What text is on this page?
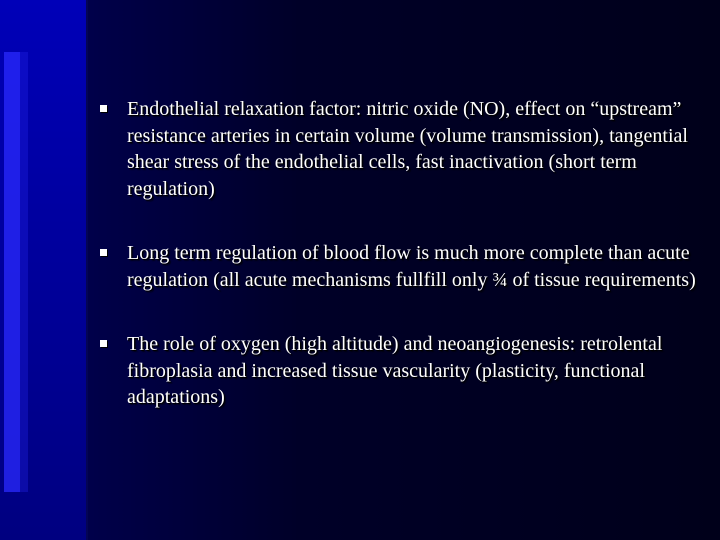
Endothelial relaxation factor: nitric oxide (NO), effect on “upstream” resistance arteries in certain volume (volume transmission), tangential shear stress of the endothelial cells, fast inactivation (short term regulation)
Long term regulation of blood flow is much more complete than acute regulation (all acute mechanisms fullfill only ¾ of tissue requirements)
The role of oxygen (high altitude) and neoangiogenesis: retrolental fibroplasia and increased tissue vascularity (plasticity, functional adaptations)
